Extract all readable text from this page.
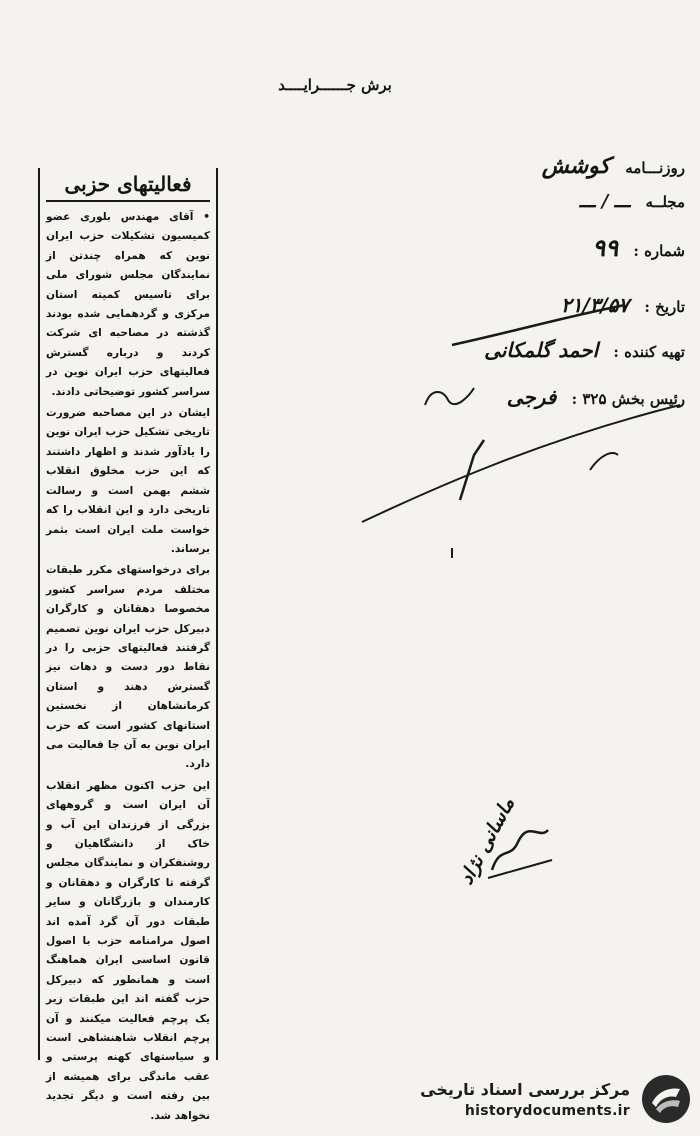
برش جــــــرایــــد
روزنـــامه کوشش
مجلــه ـــ / ـــ
شماره : ۹۹
تاریخ : ۲۱/۳/۵۷
تهیه کننده : احمد گلمکانی
رئیس بخش ۳۲۵ : فرجی
ماسانی نژاد
فعالیتهای حزبی

• آقای مهندس بلوری عضو کمیسیون تشکیلات حزب ایران نوین که همراه چندتن از نمایندگان مجلس شورای ملی برای تاسیس کمیته استان مرکزی و گردهمایی شده بودند گذشته در مصاحبه ای شرکت کردند و درباره گسترش فعالیتهای حزب ایران نوین در سراسر کشور توضیحاتی دادند.

ایشان در این مصاحبه ضرورت تاریخی تشکیل حزب ایران نوین را یادآور شدند و اظهار داشتند که این حزب مخلوق انقلاب ششم بهمن است و رسالت تاریخی دارد و این انقلاب را که خواست ملت ایران است بثمر برساند.

برای درخواستهای مکرر طبقات مختلف مردم سراسر کشور مخصوصا دهقانان و کارگران دبیرکل حزب ایران نوین تصمیم گرفتند فعالیتهای حزبی را در نقاط دور دست و دهات نیز گسترش دهند و استان کرمانشاهان از نخستین استانهای کشور است که حزب ایران نوین به آن جا فعالیت می دارد.

این حزب اکنون مظهر انقلاب آن ایران است و گروههای بزرگی از فرزندان این آب و خاک از دانشگاهیان و روشنفکران و نمایندگان مجلس گرفته تا کارگران و دهقانان و کارمندان و بازرگانان و سایر طبقات دور آن گرد آمده اند اصول مرامنامه حزب با اصول قانون اساسی ایران هماهنگ است و همانطور که دبیرکل حزب گفته اند این طبقات زیر یک پرچم فعالیت میکنند و آن پرچم انقلاب شاهنشاهی است و سیاستهای کهنه پرستی و عقب ماندگی برای همیشه از بین رفته است و دیگر تجدید نخواهد شد.

مرکز بررسی اسناد تاریخی
historydocuments.ir
